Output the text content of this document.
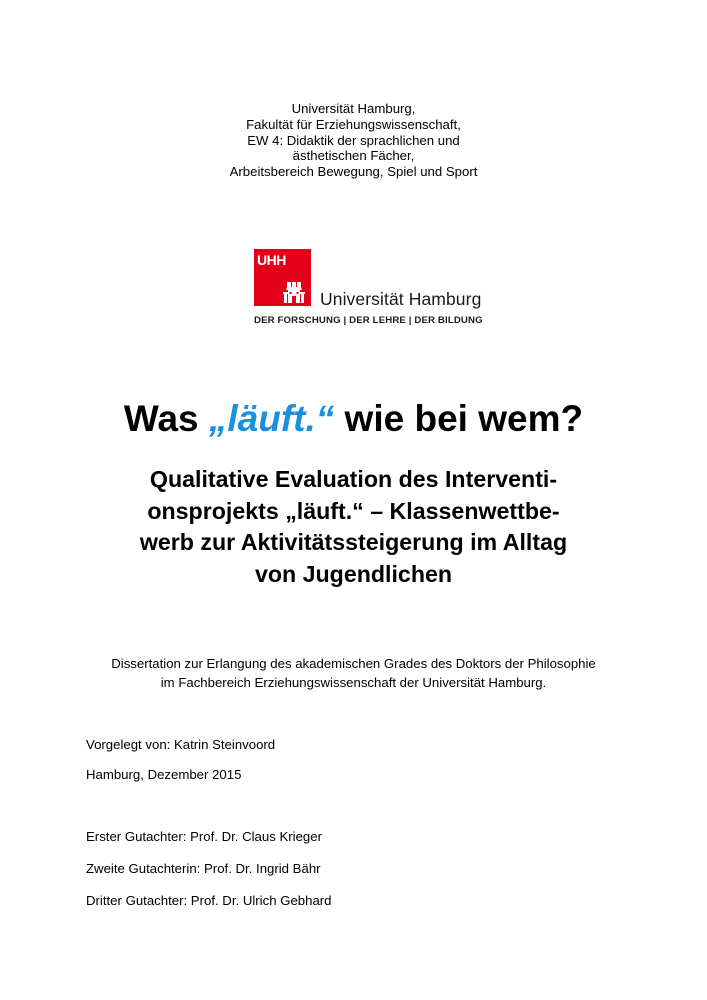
Universität Hamburg,
Fakultät für Erziehungswissenschaft,
EW 4: Didaktik der sprachlichen und
ästhetischen Fächer,
Arbeitsbereich Bewegung, Spiel und Sport
UHH
Universität Hamburg
DER FORSCHUNG | DER LEHRE | DER BILDUNG
Was „läuft.“ wie bei wem?
Qualitative Evaluation des Interventi-
onsprojekts „läuft.“ – Klassenwettbe-
werb zur Aktivitätssteigerung im Alltag
von Jugendlichen
Dissertation zur Erlangung des akademischen Grades des Doktors der Philosophie
im Fachbereich Erziehungswissenschaft der Universität Hamburg.
Vorgelegt von: Katrin Steinvoord
Hamburg, Dezember 2015
Erster Gutachter: Prof. Dr. Claus Krieger
Zweite Gutachterin: Prof. Dr. Ingrid Bähr
Dritter Gutachter: Prof. Dr. Ulrich Gebhard
